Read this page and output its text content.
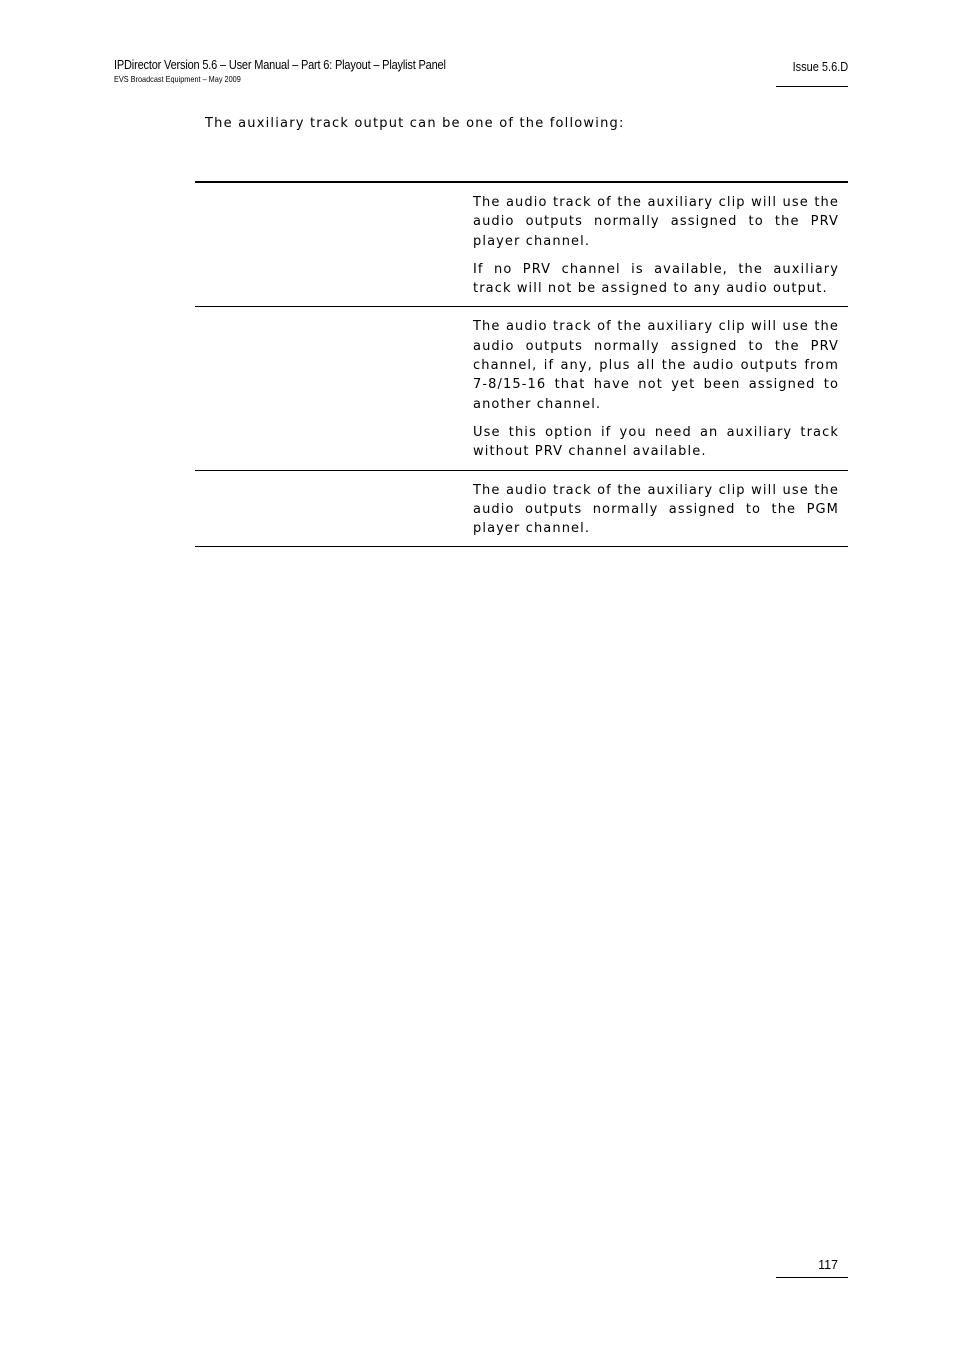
IPDirector Version 5.6 – User Manual – Part 6: Playout – Playlist Panel
EVS Broadcast Equipment – May 2009
Issue 5.6.D
The auxiliary track output can be one of the following:

The audio track of the auxiliary clip will use the audio outputs normally assigned to the PRV player channel.

If no PRV channel is available, the auxiliary track will not be assigned to any audio output.

The audio track of the auxiliary clip will use the audio outputs normally assigned to the PRV channel, if any, plus all the audio outputs from 7-8/15-16 that have not yet been assigned to another channel.

Use this option if you need an auxiliary track without PRV channel available.

The audio track of the auxiliary clip will use the audio outputs normally assigned to the PGM player channel.

117
